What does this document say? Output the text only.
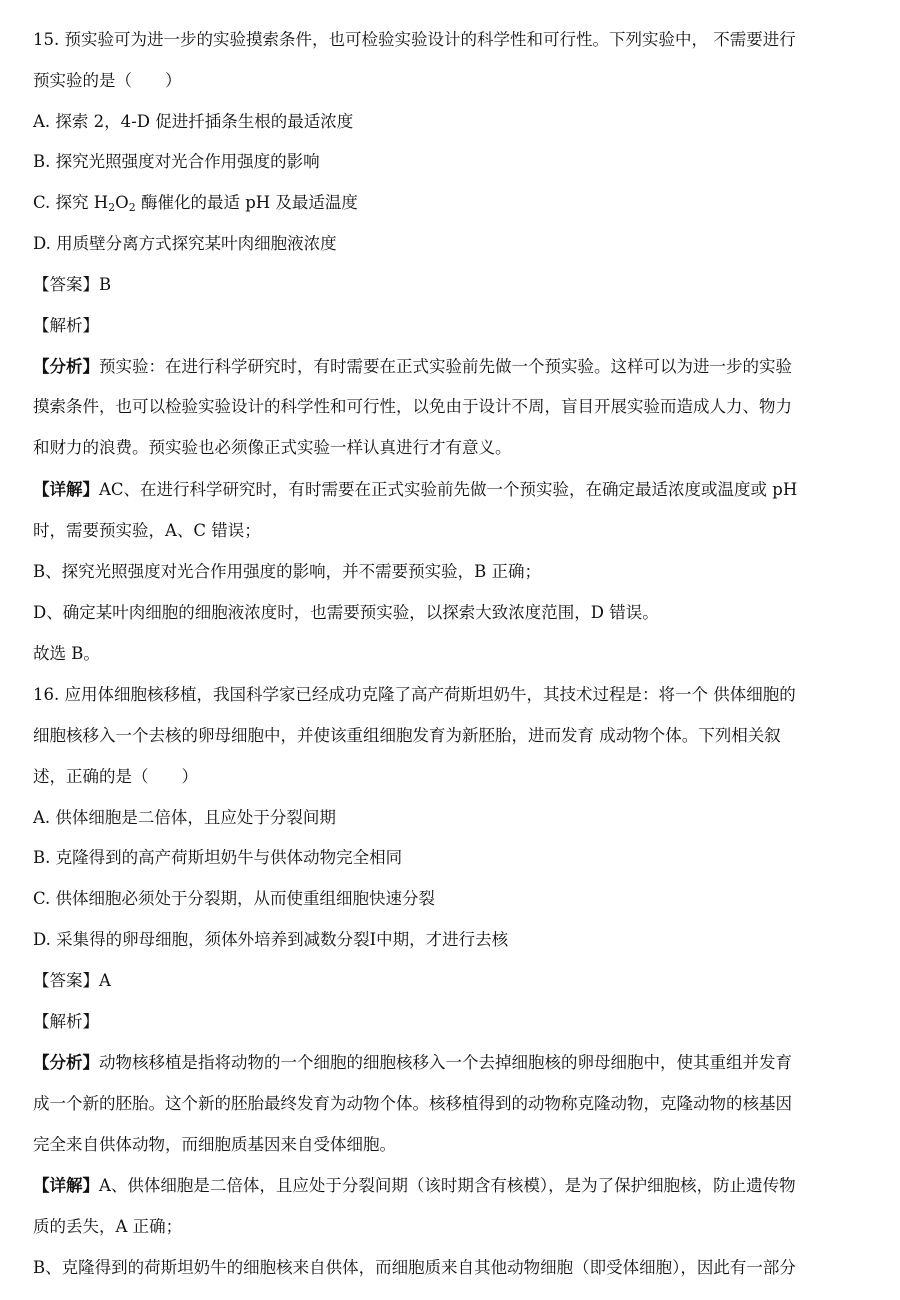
15. 预实验可为进一步的实验摸索条件，也可检验实验设计的科学性和可行性。下列实验中， 不需要进行
预实验的是（　　）
A. 探索 2，4-D 促进扦插条生根的最适浓度
B. 探究光照强度对光合作用强度的影响
C. 探究 $H_2O_2$ 酶催化的最适 pH 及最适温度
D. 用质壁分离方式探究某叶肉细胞液浓度
【答案】B
【解析】
【分析】预实验：在进行科学研究时，有时需要在正式实验前先做一个预实验。这样可以为进一步的实验
摸索条件，也可以检验实验设计的科学性和可行性，以免由于设计不周，盲目开展实验而造成人力、物力
和财力的浪费。预实验也必须像正式实验一样认真进行才有意义。
【详解】AC、在进行科学研究时，有时需要在正式实验前先做一个预实验，在确定最适浓度或温度或 pH
时，需要预实验，A、C 错误；
B、探究光照强度对光合作用强度的影响，并不需要预实验，B 正确；
D、确定某叶肉细胞的细胞液浓度时，也需要预实验，以探索大致浓度范围，D 错误。
故选 B。
16. 应用体细胞核移植，我国科学家已经成功克隆了高产荷斯坦奶牛，其技术过程是：将一个 供体细胞的
细胞核移入一个去核的卵母细胞中，并使该重组细胞发育为新胚胎，进而发育 成动物个体。下列相关叙
述，正确的是（　　）
A. 供体细胞是二倍体，且应处于分裂间期
B. 克隆得到的高产荷斯坦奶牛与供体动物完全相同
C. 供体细胞必须处于分裂期，从而使重组细胞快速分裂
D. 采集得的卵母细胞，须体外培养到减数分裂I中期，才进行去核
【答案】A
【解析】
【分析】动物核移植是指将动物的一个细胞的细胞核移入一个去掉细胞核的卵母细胞中，使其重组并发育
成一个新的胚胎。这个新的胚胎最终发育为动物个体。核移植得到的动物称克隆动物，克隆动物的核基因
完全来自供体动物，而细胞质基因来自受体细胞。
【详解】A、供体细胞是二倍体，且应处于分裂间期（该时期含有核模），是为了保护细胞核，防止遗传物
质的丢失，A 正确；
B、克隆得到的荷斯坦奶牛的细胞核来自供体，而细胞质来自其他动物细胞（即受体细胞），因此有一部分
